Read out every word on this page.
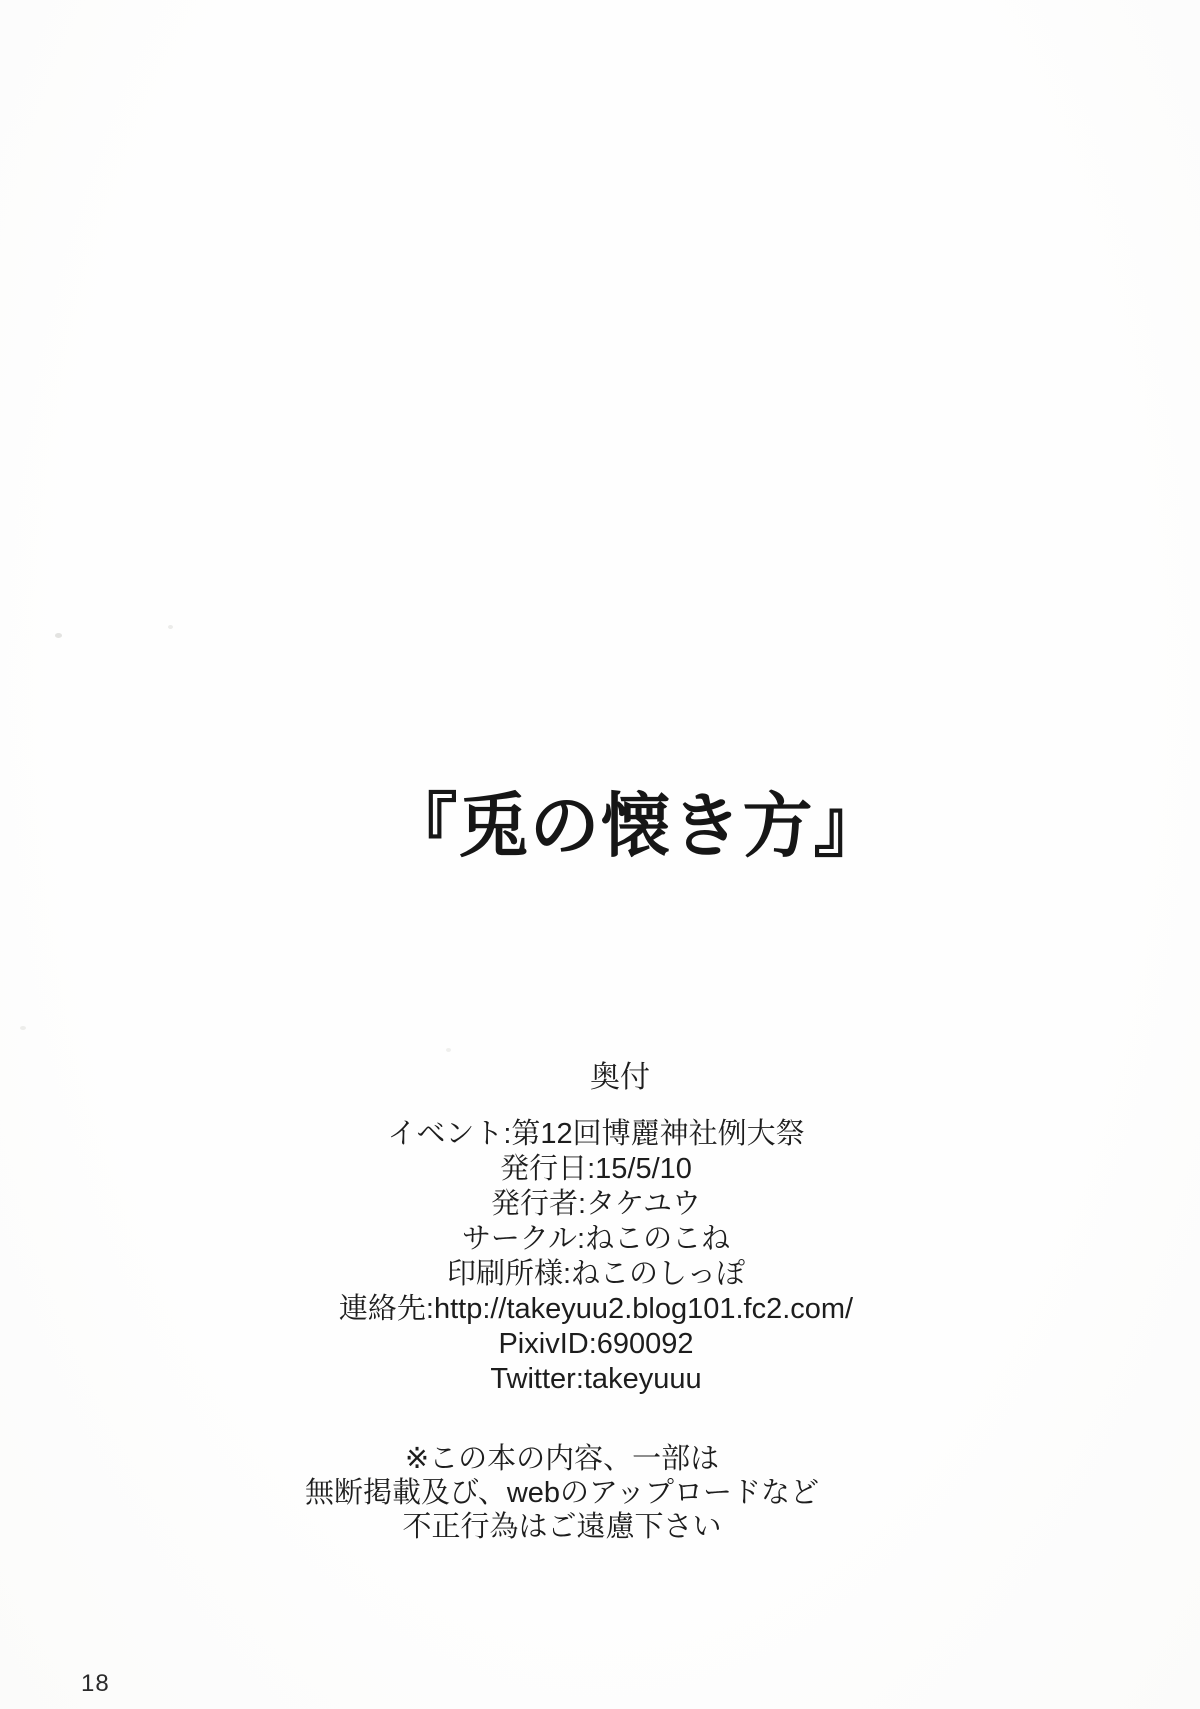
『兎の懐き方』
奥付
イベント:第12回博麗神社例大祭
発行日:15/5/10
発行者:タケユウ
サークル:ねこのこね
印刷所様:ねこのしっぽ
連絡先:http://takeyuu2.blog101.fc2.com/
PixivID:690092
Twitter:takeyuuu
※この本の内容、一部は
無断掲載及び、webのアップロードなど
不正行為はご遠慮下さい
18
